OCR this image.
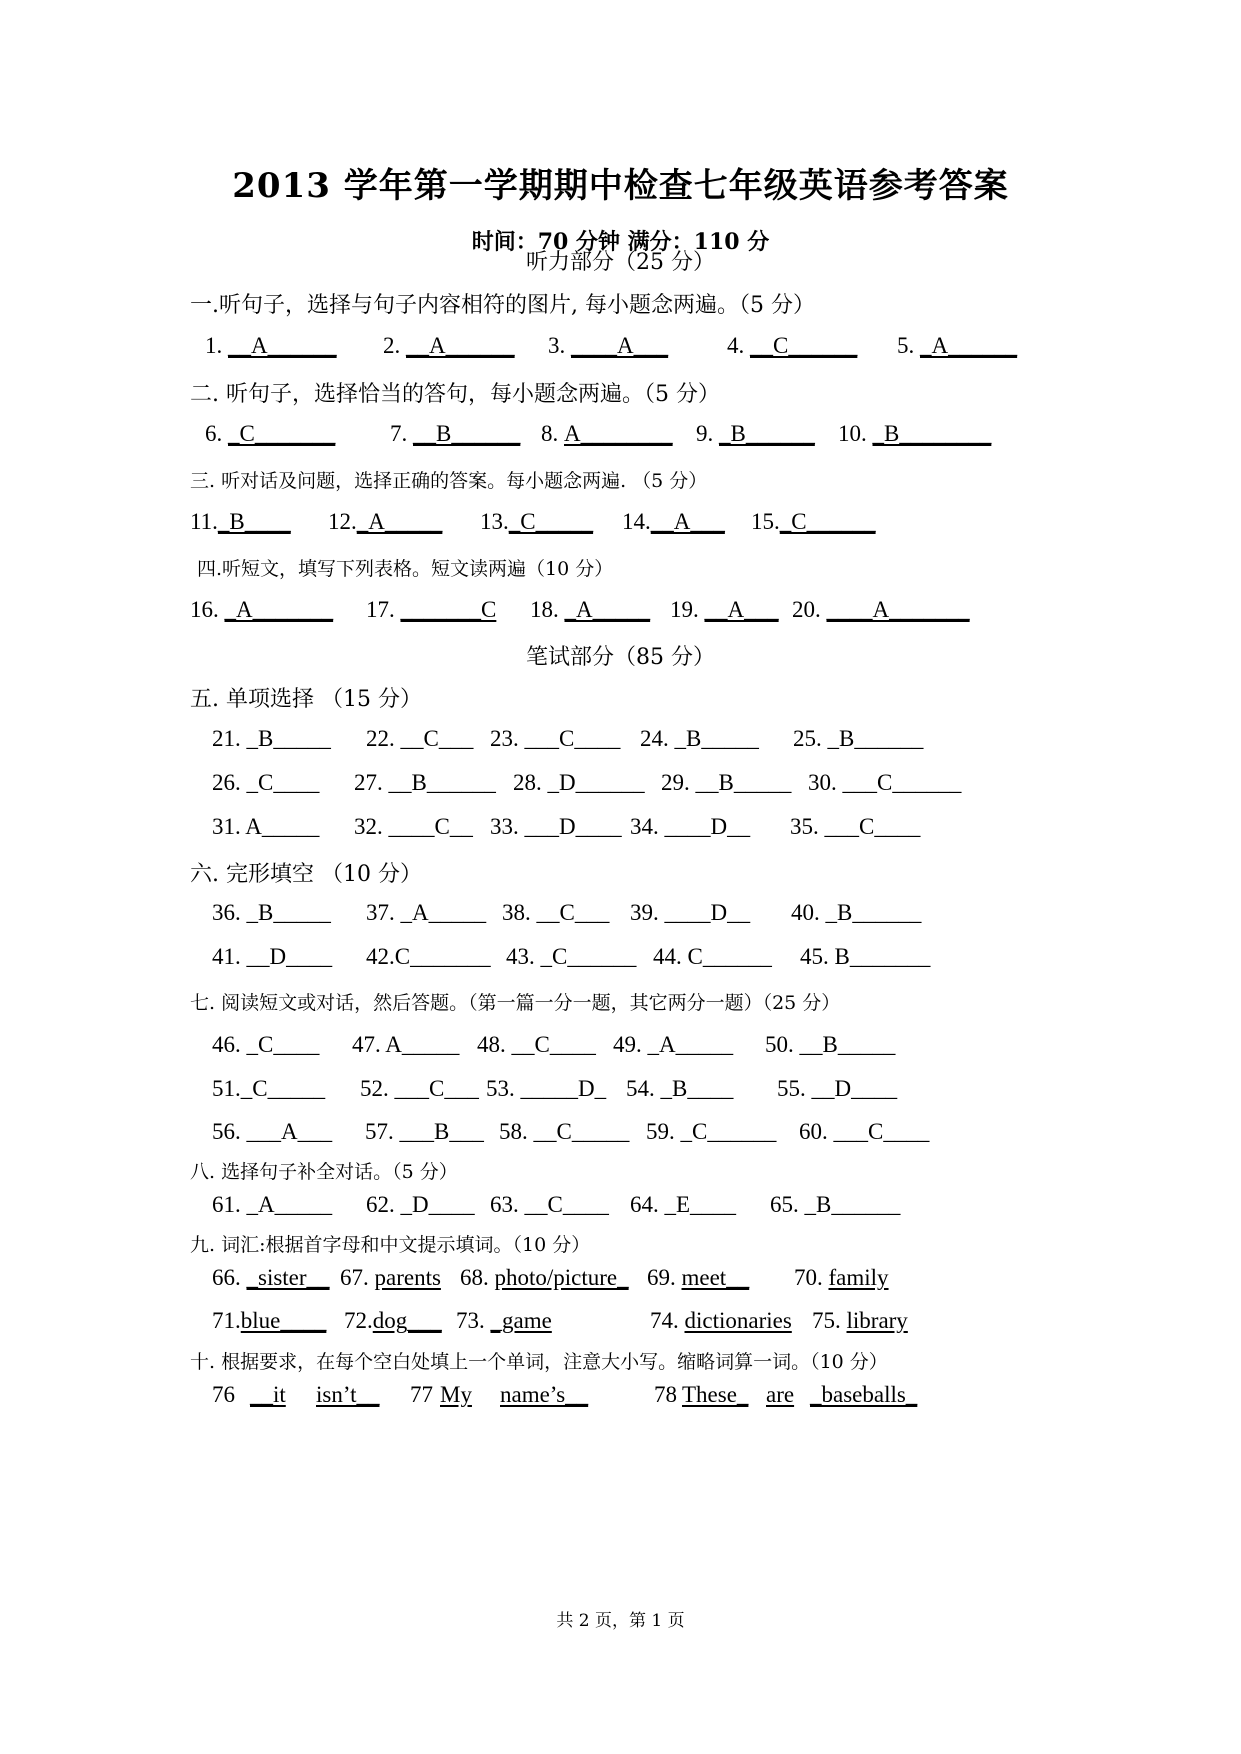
2013 学年第一学期期中检查七年级英语参考答案
时间：70 分钟 满分：110 分
听力部分（25 分）
一.听句子，选择与句子内容相符的图片, 每小题念两遍。（5 分）
1. __A______ 2. __A______ 3. ____A___	4. __C______ 5. _A______
二. 听句子，选择恰当的答句，每小题念两遍。（5 分）
6. _C_______ 7. __B______ 8. A________ 9. _B______ 10. _B________
三. 听对话及问题，选择正确的答案。每小题念两遍. （5 分）
11._B____ 12._A_____ 13._C_____ 14.__A___ 15._C______
四.听短文，填写下列表格。短文读两遍（10 分）
16. _A_______ 17. _______C 18. _A_____ 19. __A___ 20. ____A_______
笔试部分（85 分）
五. 单项选择 （15 分）
21. _B_____ 22. __C___ 23. ___C____ 24. _B_____ 25. _B______
26. _C____ 27. __B______ 28. _D______ 29. __B_____ 30. ___C______
31. A_____ 32. ____C__ 33. ___D____ 34. ____D__ 35. ___C____
六. 完形填空 （10 分）
36. _B_____ 37. _A_____ 38. __C___ 39. ____D__ 40. _B______
41. __D____ 42.C_______ 43. _C______ 44. C______ 45. B_______
七. 阅读短文或对话，然后答题。（第一篇一分一题，其它两分一题）（25 分）
46. _C____ 47. A_____ 48. __C____ 49. _A_____ 50. __B_____
51._C_____ 52. ___C___ 53. _____D_ 54. _B____ 55. __D____
56. ___A___ 57. ___B___ 58. __C_____ 59. _C______ 60. ___C____
八. 选择句子补全对话。（5 分）
61. _A_____ 62. _D____ 63. __C____ 64. _E____ 65. _B______
九. 词汇:根据首字母和中文提示填词。（10 分）
66. _sister__ 67. parents 68. photo/picture_ 69. meet__ 70. family
71.blue____ 72.dog___ 73. _game	74. dictionaries 75. library
十. 根据要求，在每个空白处填上一个单词，注意大小写。缩略词算一词。（10 分）
76 __it isn’t__ 77 My name’s__	78 These_ are _baseballs_
共 2 页，第 1 页
